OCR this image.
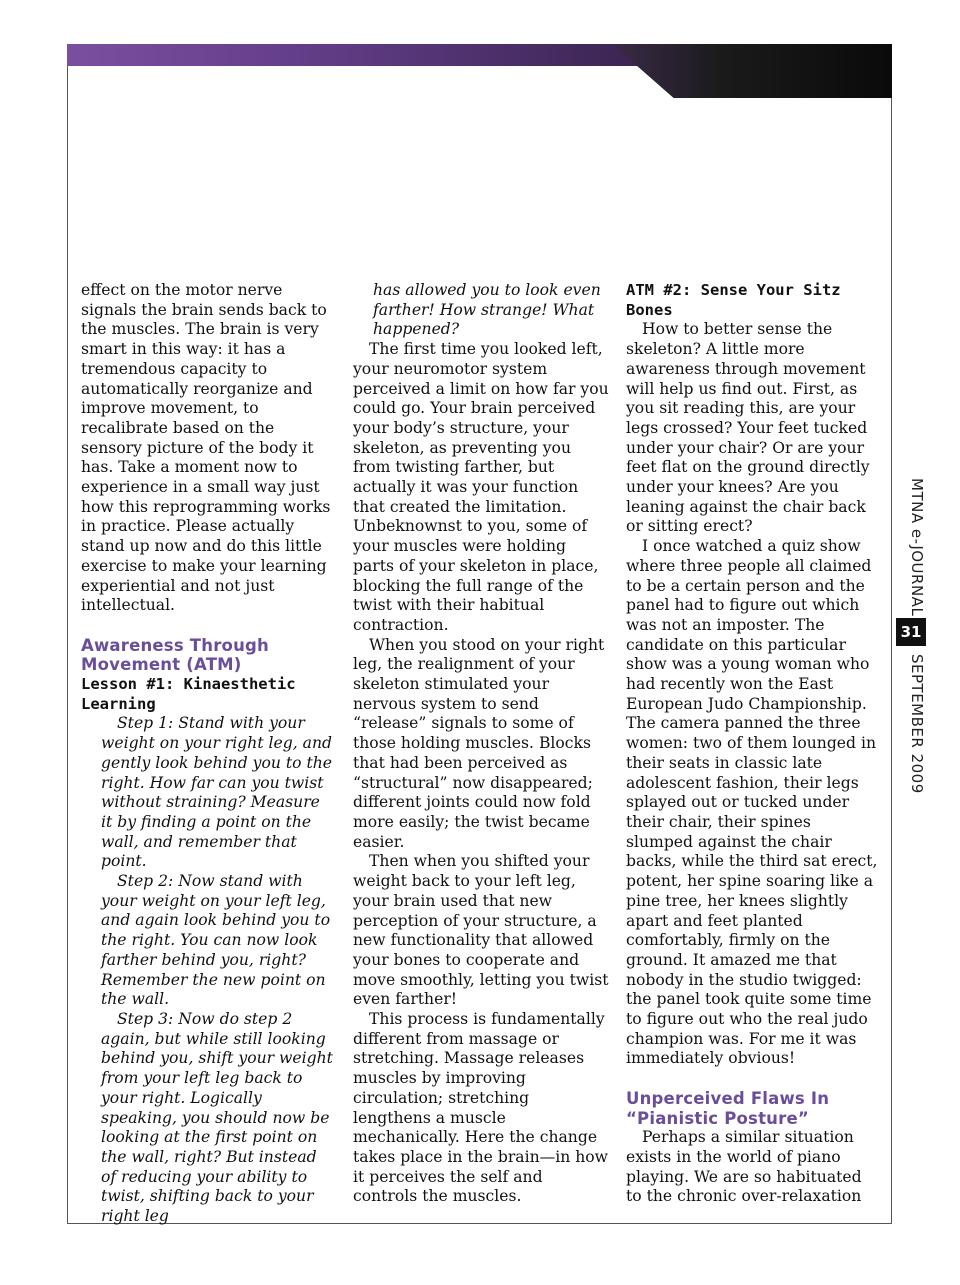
effect on the motor nerve signals the brain sends back to the muscles. The brain is very smart in this way: it has a tremendous capacity to automatically reorganize and improve movement, to recalibrate based on the sensory picture of the body it has. Take a moment now to experience in a small way just how this reprogramming works in practice. Please actually stand up now and do this little exercise to make your learning experiential and not just intellectual.

Awareness Through Movement (ATM)

Lesson #1: Kinaesthetic Learning

Step 1: Stand with your weight on your right leg, and gently look behind you to the right. How far can you twist without straining? Measure it by finding a point on the wall, and remember that point.

Step 2: Now stand with your weight on your left leg, and again look behind you to the right. You can now look farther behind you, right? Remember the new point on the wall.

Step 3: Now do step 2 again, but while still looking behind you, shift your weight from your left leg back to your right. Logically speaking, you should now be looking at the first point on the wall, right? But instead of reducing your ability to twist, shifting back to your right leg

has allowed you to look even farther! How strange! What happened?

The first time you looked left, your neuromotor system perceived a limit on how far you could go. Your brain perceived your body’s structure, your skeleton, as preventing you from twisting farther, but actually it was your function that created the limitation. Unbeknownst to you, some of your muscles were holding parts of your skeleton in place, blocking the full range of the twist with their habitual contraction.

When you stood on your right leg, the realignment of your skeleton stimulated your nervous system to send “release” signals to some of those holding muscles. Blocks that had been perceived as “structural” now disappeared; different joints could now fold more easily; the twist became easier.

Then when you shifted your weight back to your left leg, your brain used that new perception of your structure, a new functionality that allowed your bones to cooperate and move smoothly, letting you twist even farther!

This process is fundamentally different from massage or stretching. Massage releases muscles by improving circulation; stretching lengthens a muscle mechanically. Here the change takes place in the brain—in how it perceives the self and controls the muscles.

ATM #2: Sense Your Sitz Bones

How to better sense the skeleton? A little more awareness through movement will help us find out. First, as you sit reading this, are your legs crossed? Your feet tucked under your chair? Or are your feet flat on the ground directly under your knees? Are you leaning against the chair back or sitting erect?

I once watched a quiz show where three people all claimed to be a certain person and the panel had to figure out which was not an imposter. The candidate on this particular show was a young woman who had recently won the East European Judo Championship. The camera panned the three women: two of them lounged in their seats in classic late adolescent fashion, their legs splayed out or tucked under their chair, their spines slumped against the chair backs, while the third sat erect, potent, her spine soaring like a pine tree, her knees slightly apart and feet planted comfortably, firmly on the ground. It amazed me that nobody in the studio twigged: the panel took quite some time to figure out who the real judo champion was. For me it was immediately obvious!

Unperceived Flaws In “Pianistic Posture”

Perhaps a similar situation exists in the world of piano playing. We are so habituated to the chronic over-relaxation

MTNA e-JOURNAL
31
SEPTEMBER 2009
